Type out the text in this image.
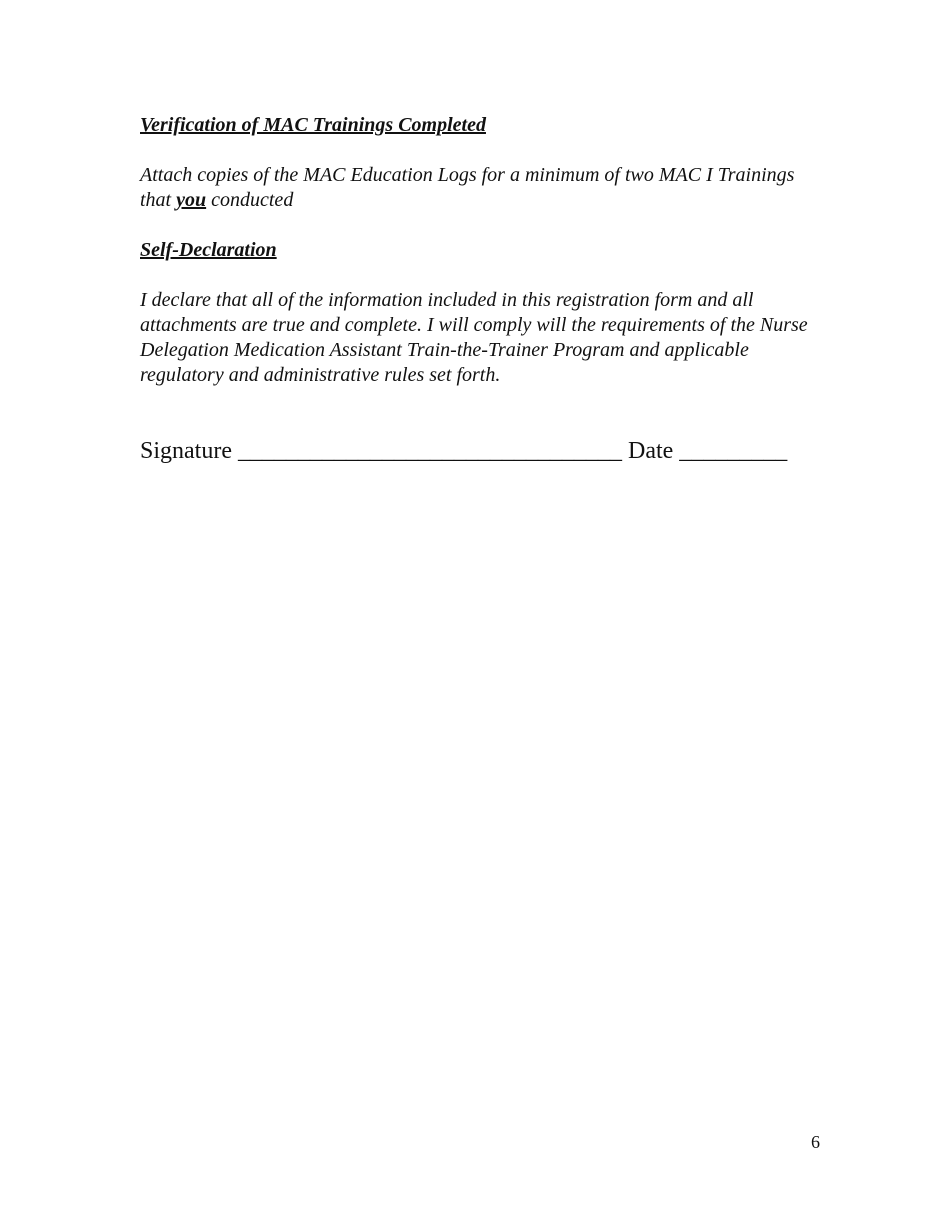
Verification of MAC Trainings Completed

Attach copies of the MAC Education Logs for a minimum of two MAC I Trainings that you conducted

Self-Declaration

I declare that all of the information included in this registration form and all attachments are true and complete. I will comply will the requirements of the Nurse Delegation Medication Assistant Train-the-Trainer Program and applicable regulatory and administrative rules set forth.

Signature ________________________________ Date _________
6
